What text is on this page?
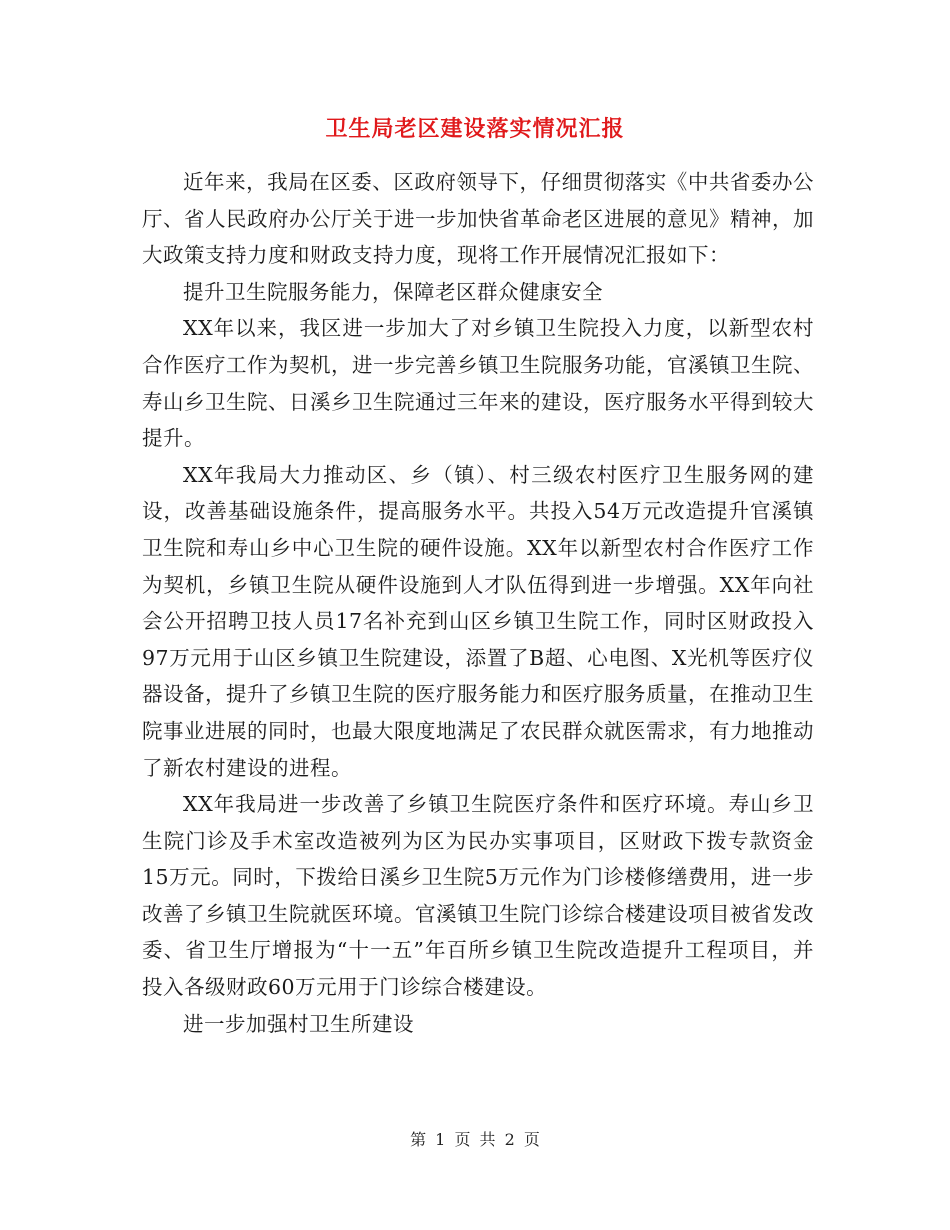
卫生局老区建设落实情况汇报

近年来，我局在区委、区政府领导下，仔细贯彻落实《中共省委办公厅、省人民政府办公厅关于进一步加快省革命老区进展的意见》精神，加大政策支持力度和财政支持力度，现将工作开展情况汇报如下：

提升卫生院服务能力，保障老区群众健康安全

XX年以来，我区进一步加大了对乡镇卫生院投入力度，以新型农村合作医疗工作为契机，进一步完善乡镇卫生院服务功能，官溪镇卫生院、寿山乡卫生院、日溪乡卫生院通过三年来的建设，医疗服务水平得到较大提升。

XX年我局大力推动区、乡（镇）、村三级农村医疗卫生服务网的建设，改善基础设施条件，提高服务水平。共投入54万元改造提升官溪镇卫生院和寿山乡中心卫生院的硬件设施。XX年以新型农村合作医疗工作为契机，乡镇卫生院从硬件设施到人才队伍得到进一步增强。XX年向社会公开招聘卫技人员17名补充到山区乡镇卫生院工作，同时区财政投入97万元用于山区乡镇卫生院建设，添置了B超、心电图、X光机等医疗仪器设备，提升了乡镇卫生院的医疗服务能力和医疗服务质量，在推动卫生院事业进展的同时，也最大限度地满足了农民群众就医需求，有力地推动了新农村建设的进程。

XX年我局进一步改善了乡镇卫生院医疗条件和医疗环境。寿山乡卫生院门诊及手术室改造被列为区为民办实事项目，区财政下拨专款资金15万元。同时，下拨给日溪乡卫生院5万元作为门诊楼修缮费用，进一步改善了乡镇卫生院就医环境。官溪镇卫生院门诊综合楼建设项目被省发改委、省卫生厅增报为“十一五”年百所乡镇卫生院改造提升工程项目，并投入各级财政60万元用于门诊综合楼建设。

进一步加强村卫生所建设

第 1 页 共 2 页
